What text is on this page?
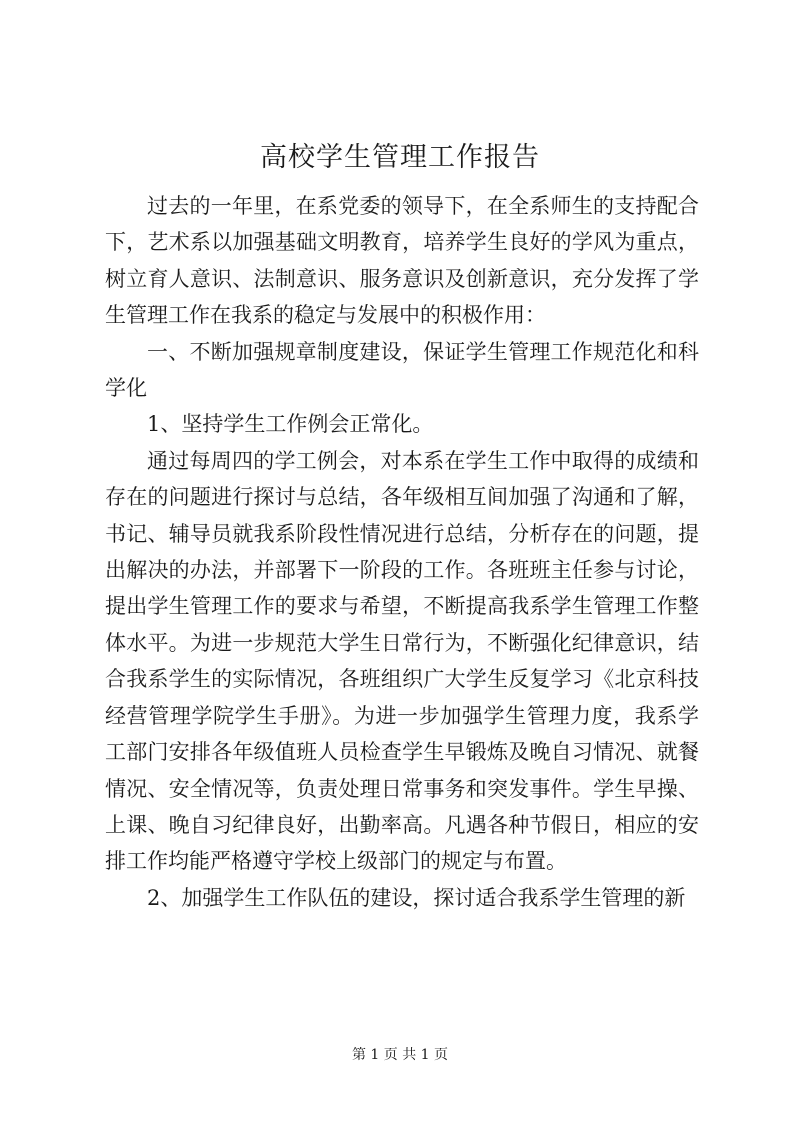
高校学生管理工作报告

过去的一年里，在系党委的领导下，在全系师生的支持配合下，艺术系以加强基础文明教育，培养学生良好的学风为重点，树立育人意识、法制意识、服务意识及创新意识，充分发挥了学生管理工作在我系的稳定与发展中的积极作用：

一、不断加强规章制度建设，保证学生管理工作规范化和科学化

1、坚持学生工作例会正常化。

通过每周四的学工例会，对本系在学生工作中取得的成绩和存在的问题进行探讨与总结，各年级相互间加强了沟通和了解，书记、辅导员就我系阶段性情况进行总结，分析存在的问题，提出解决的办法，并部署下一阶段的工作。各班班主任参与讨论，提出学生管理工作的要求与希望，不断提高我系学生管理工作整体水平。为进一步规范大学生日常行为，不断强化纪律意识，结合我系学生的实际情况，各班组织广大学生反复学习《北京科技经营管理学院学生手册》。为进一步加强学生管理力度，我系学工部门安排各年级值班人员检查学生早锻炼及晚自习情况、就餐情况、安全情况等，负责处理日常事务和突发事件。学生早操、上课、晚自习纪律良好，出勤率高。凡遇各种节假日，相应的安排工作均能严格遵守学校上级部门的规定与布置。

2、加强学生工作队伍的建设，探讨适合我系学生管理的新

第 1 页 共 1 页
